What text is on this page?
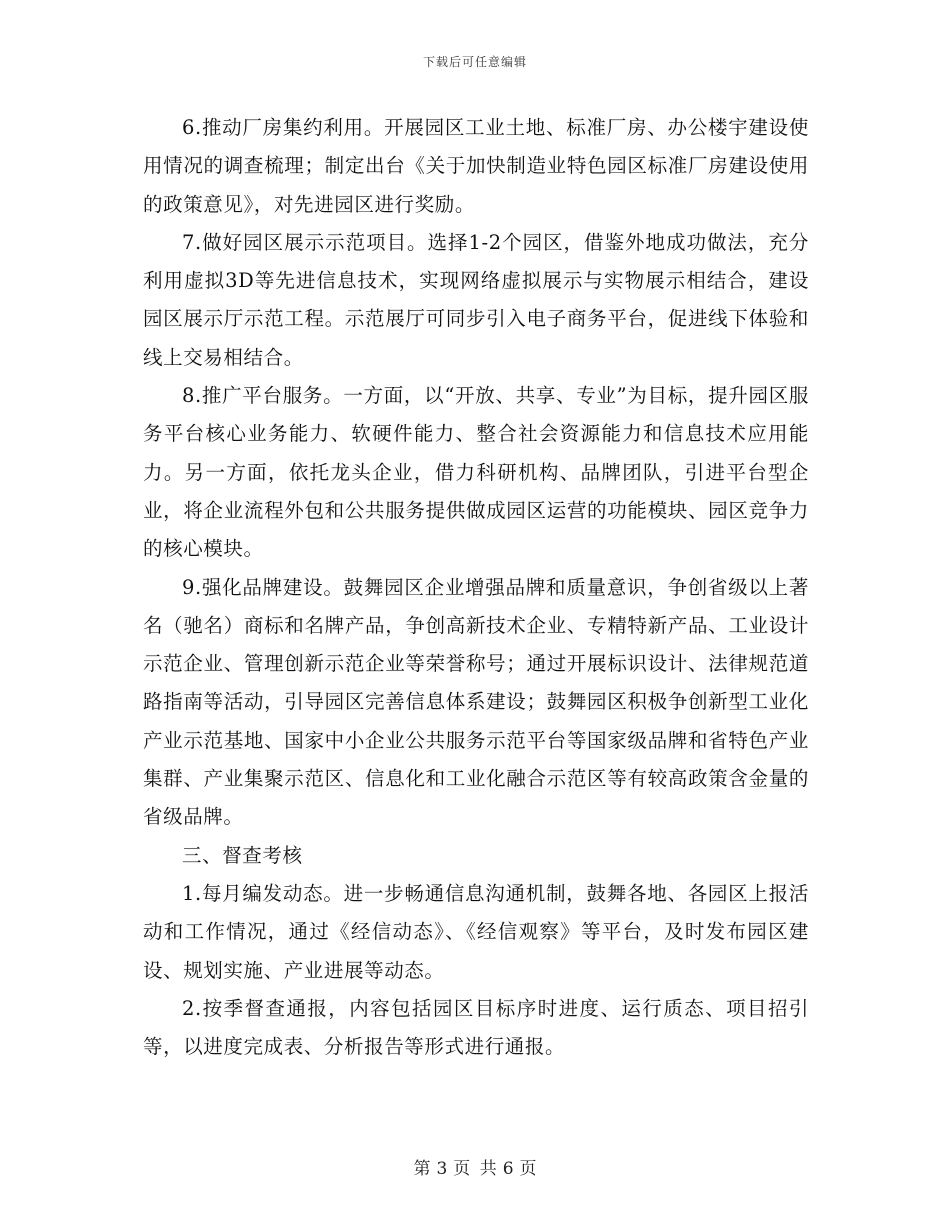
下载后可任意编辑

6.推动厂房集约利用。开展园区工业土地、标准厂房、办公楼宇建设使用情况的调查梳理；制定出台《关于加快制造业特色园区标准厂房建设使用的政策意见》，对先进园区进行奖励。

7.做好园区展示示范项目。选择1-2个园区，借鉴外地成功做法，充分利用虚拟3D等先进信息技术，实现网络虚拟展示与实物展示相结合，建设园区展示厅示范工程。示范展厅可同步引入电子商务平台，促进线下体验和线上交易相结合。

8.推广平台服务。一方面，以“开放、共享、专业”为目标，提升园区服务平台核心业务能力、软硬件能力、整合社会资源能力和信息技术应用能力。另一方面，依托龙头企业，借力科研机构、品牌团队，引进平台型企业，将企业流程外包和公共服务提供做成园区运营的功能模块、园区竞争力的核心模块。

9.强化品牌建设。鼓舞园区企业增强品牌和质量意识，争创省级以上著名（驰名）商标和名牌产品，争创高新技术企业、专精特新产品、工业设计示范企业、管理创新示范企业等荣誉称号；通过开展标识设计、法律规范道路指南等活动，引导园区完善信息体系建设；鼓舞园区积极争创新型工业化产业示范基地、国家中小企业公共服务示范平台等国家级品牌和省特色产业集群、产业集聚示范区、信息化和工业化融合示范区等有较高政策含金量的省级品牌。

三、督查考核

1.每月编发动态。进一步畅通信息沟通机制，鼓舞各地、各园区上报活动和工作情况，通过《经信动态》、《经信观察》等平台，及时发布园区建设、规划实施、产业进展等动态。

2.按季督查通报，内容包括园区目标序时进度、运行质态、项目招引等，以进度完成表、分析报告等形式进行通报。

第 3 页 共 6 页
